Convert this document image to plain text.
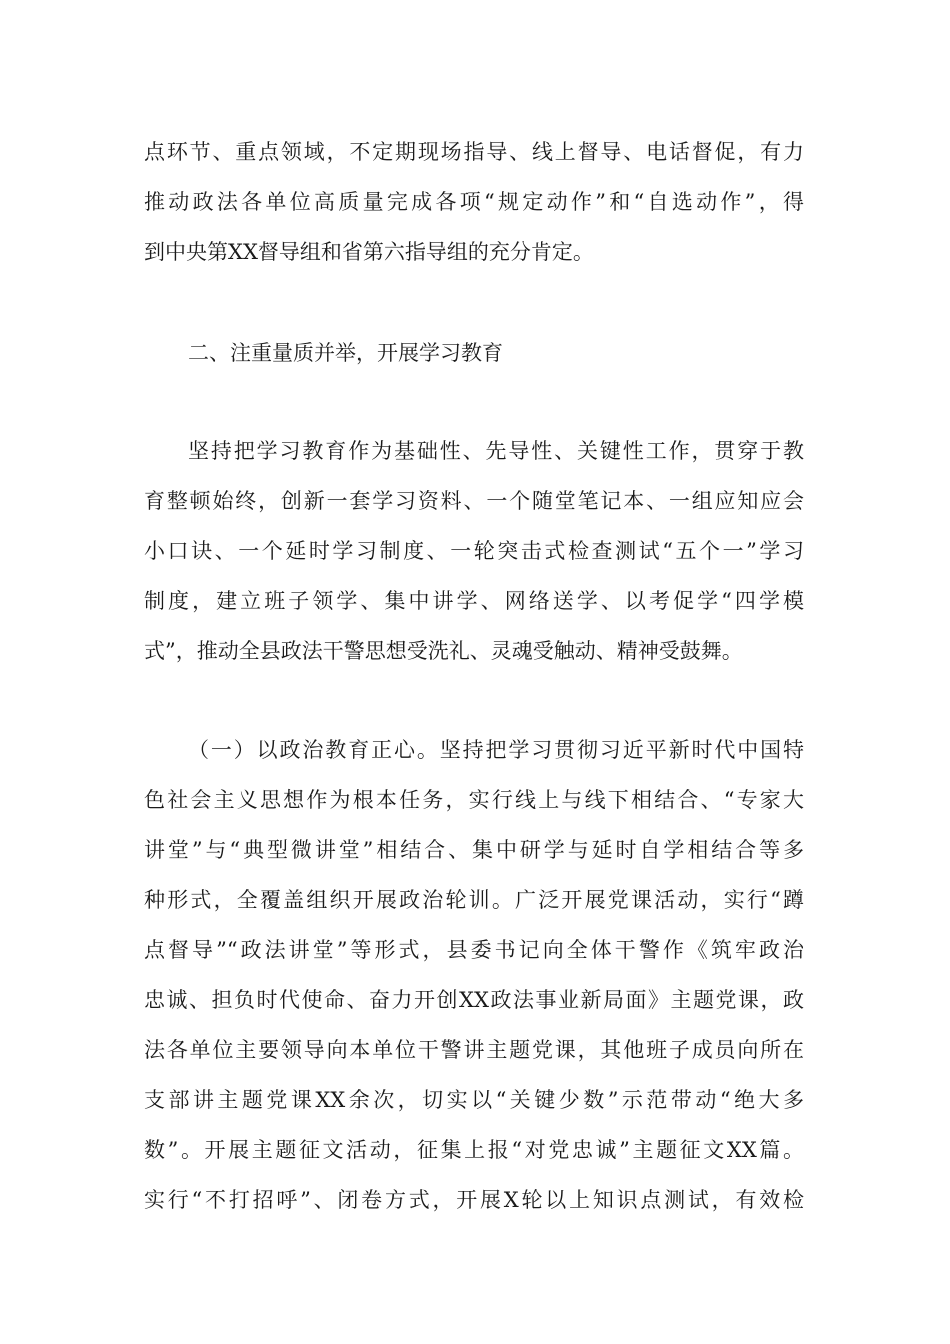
点环节、重点领域，不定期现场指导、线上督导、电话督促，有力
推动政法各单位高质量完成各项“规定动作”和“自选动作”，得
到中央第XX督导组和省第六指导组的充分肯定。
二、注重量质并举，开展学习教育
坚持把学习教育作为基础性、先导性、关键性工作，贯穿于教
育整顿始终，创新一套学习资料、一个随堂笔记本、一组应知应会
小口诀、一个延时学习制度、一轮突击式检查测试“五个一”学习
制度，建立班子领学、集中讲学、网络送学、以考促学“四学模
式”，推动全县政法干警思想受洗礼、灵魂受触动、精神受鼓舞。
（一）以政治教育正心。坚持把学习贯彻习近平新时代中国特
色社会主义思想作为根本任务，实行线上与线下相结合、“专家大
讲堂”与“典型微讲堂”相结合、集中研学与延时自学相结合等多
种形式，全覆盖组织开展政治轮训。广泛开展党课活动，实行“蹲
点督导”“政法讲堂”等形式，县委书记向全体干警作《筑牢政治
忠诚、担负时代使命、奋力开创XX政法事业新局面》主题党课，政
法各单位主要领导向本单位干警讲主题党课，其他班子成员向所在
支部讲主题党课XX余次，切实以“关键少数”示范带动“绝大多
数”。开展主题征文活动，征集上报“对党忠诚”主题征文XX篇。
实行“不打招呼”、闭卷方式，开展X轮以上知识点测试，有效检
